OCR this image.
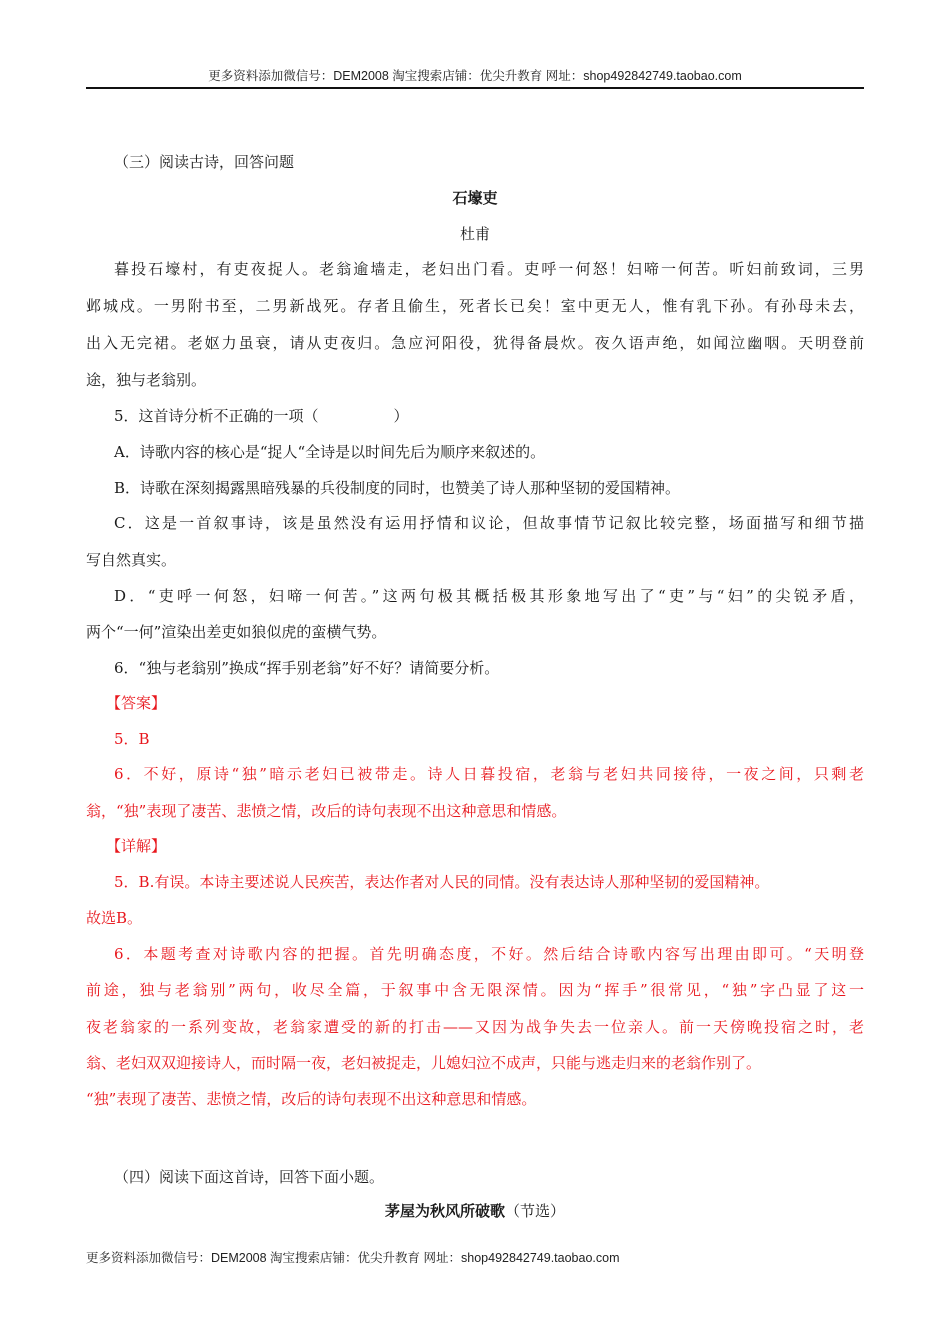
更多资料添加微信号：DEM2008 淘宝搜索店铺：优尖升教育 网址：shop492842749.taobao.com
（三）阅读古诗，回答问题
石壕吏
杜甫
暮投石壕村，有吏夜捉人。老翁逾墙走，老妇出门看。吏呼一何怒！妇啼一何苦。听妇前致词，三男
邺城戍。一男附书至，二男新战死。存者且偷生，死者长已矣！室中更无人，惟有乳下孙。有孙母未去，
出入无完裙。老妪力虽衰，请从吏夜归。急应河阳役，犹得备晨炊。夜久语声绝，如闻泣幽咽。天明登前
途，独与老翁别。
5．这首诗分析不正确的一项（　　　　　）
A．诗歌内容的核心是“捉人“全诗是以时间先后为顺序来叙述的。
B．诗歌在深刻揭露黑暗残暴的兵役制度的同时，也赞美了诗人那种坚韧的爱国精神。
C．这是一首叙事诗，该是虽然没有运用抒情和议论，但故事情节记叙比较完整，场面描写和细节描
写自然真实。
D．“吏呼一何怒，妇啼一何苦。”这两句极其概括极其形象地写出了“吏”与“妇”的尖锐矛盾，
两个“一何”渲染出差吏如狼似虎的蛮横气势。
6．“独与老翁别”换成“挥手别老翁”好不好？请简要分析。
【答案】
5．B
6．不好，原诗“独”暗示老妇已被带走。诗人日暮投宿，老翁与老妇共同接待，一夜之间，只剩老
翁，“独”表现了凄苦、悲愤之情，改后的诗句表现不出这种意思和情感。
【详解】
5．B.有误。本诗主要述说人民疾苦，表达作者对人民的同情。没有表达诗人那种坚韧的爱国精神。
故选B。
6．本题考查对诗歌内容的把握。首先明确态度，不好。然后结合诗歌内容写出理由即可。“天明登
前途，独与老翁别”两句，收尽全篇，于叙事中含无限深情。因为“挥手”很常见，“独”字凸显了这一
夜老翁家的一系列变故，老翁家遭受的新的打击——又因为战争失去一位亲人。前一天傍晚投宿之时，老
翁、老妇双双迎接诗人，而时隔一夜，老妇被捉走，儿媳妇泣不成声，只能与逃走归来的老翁作别了。
“独”表现了凄苦、悲愤之情，改后的诗句表现不出这种意思和情感。
（四）阅读下面这首诗，回答下面小题。
茅屋为秋风所破歌（节选）
更多资料添加微信号：DEM2008 淘宝搜索店铺：优尖升教育 网址：shop492842749.taobao.com
